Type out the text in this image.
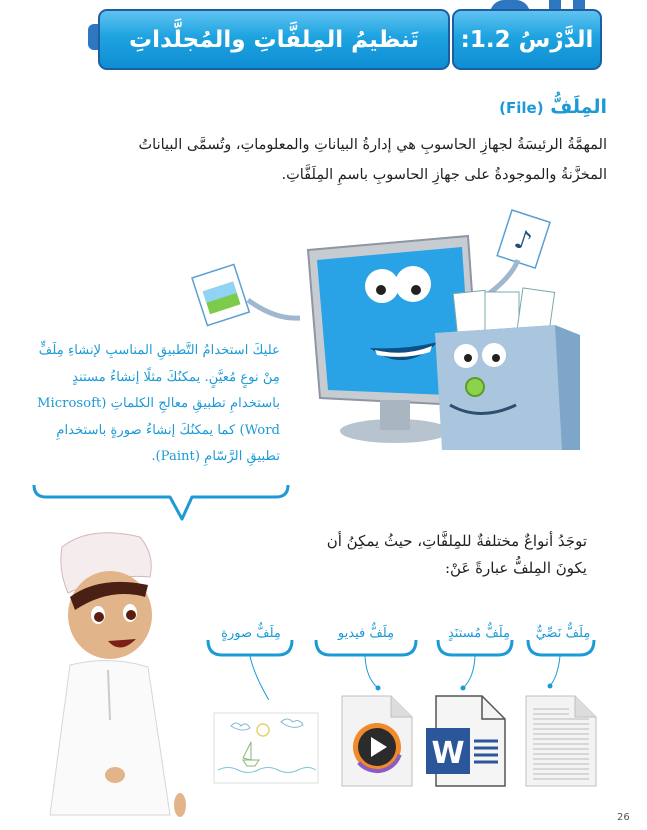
تَنظيمُ المِلفَّاتِ والمُجلَّداتِ	الدَّرْسُ 1.2:
المِلَفُّ (File)

المهمَّةُ الرئيسَةُ لجهازِ الحاسوبِ هي إدارةُ البياناتِ والمعلوماتِ، وتُسمَّى البياناتُ المخزَّنةُ والموجودةُ على جهازِ الحاسوبِ باسمِ المِلَفَّاتِ.

♪

عليكَ استخدامُ التَّطبيقِ المناسبِ لإنشاءِ مِلَفٍّ مِنْ نوعٍ مُعيَّنٍ. يمكنُكَ مثلًا إنشاءُ مستندٍ باستخدامِ تطبيقِ معالجِ الكلماتِ (Microsoft Word) كما يمكنُكَ إنشاءُ صورةٍ باستخدامِ تطبيقِ الرَّسّامِ (Paint).

توجَدُ أنواعٌ مختلفةٌ للمِلفَّاتِ، حيثُ يمكِنُ أن يكونَ المِلفُّ عبارةً عَنْ:

مِلَفٌّ نَصِّيٌّ
مِلَفٌّ مُستنَدٍ
مِلَفٌّ فيديو
مِلَفٌّ صورةٍ
W
26
